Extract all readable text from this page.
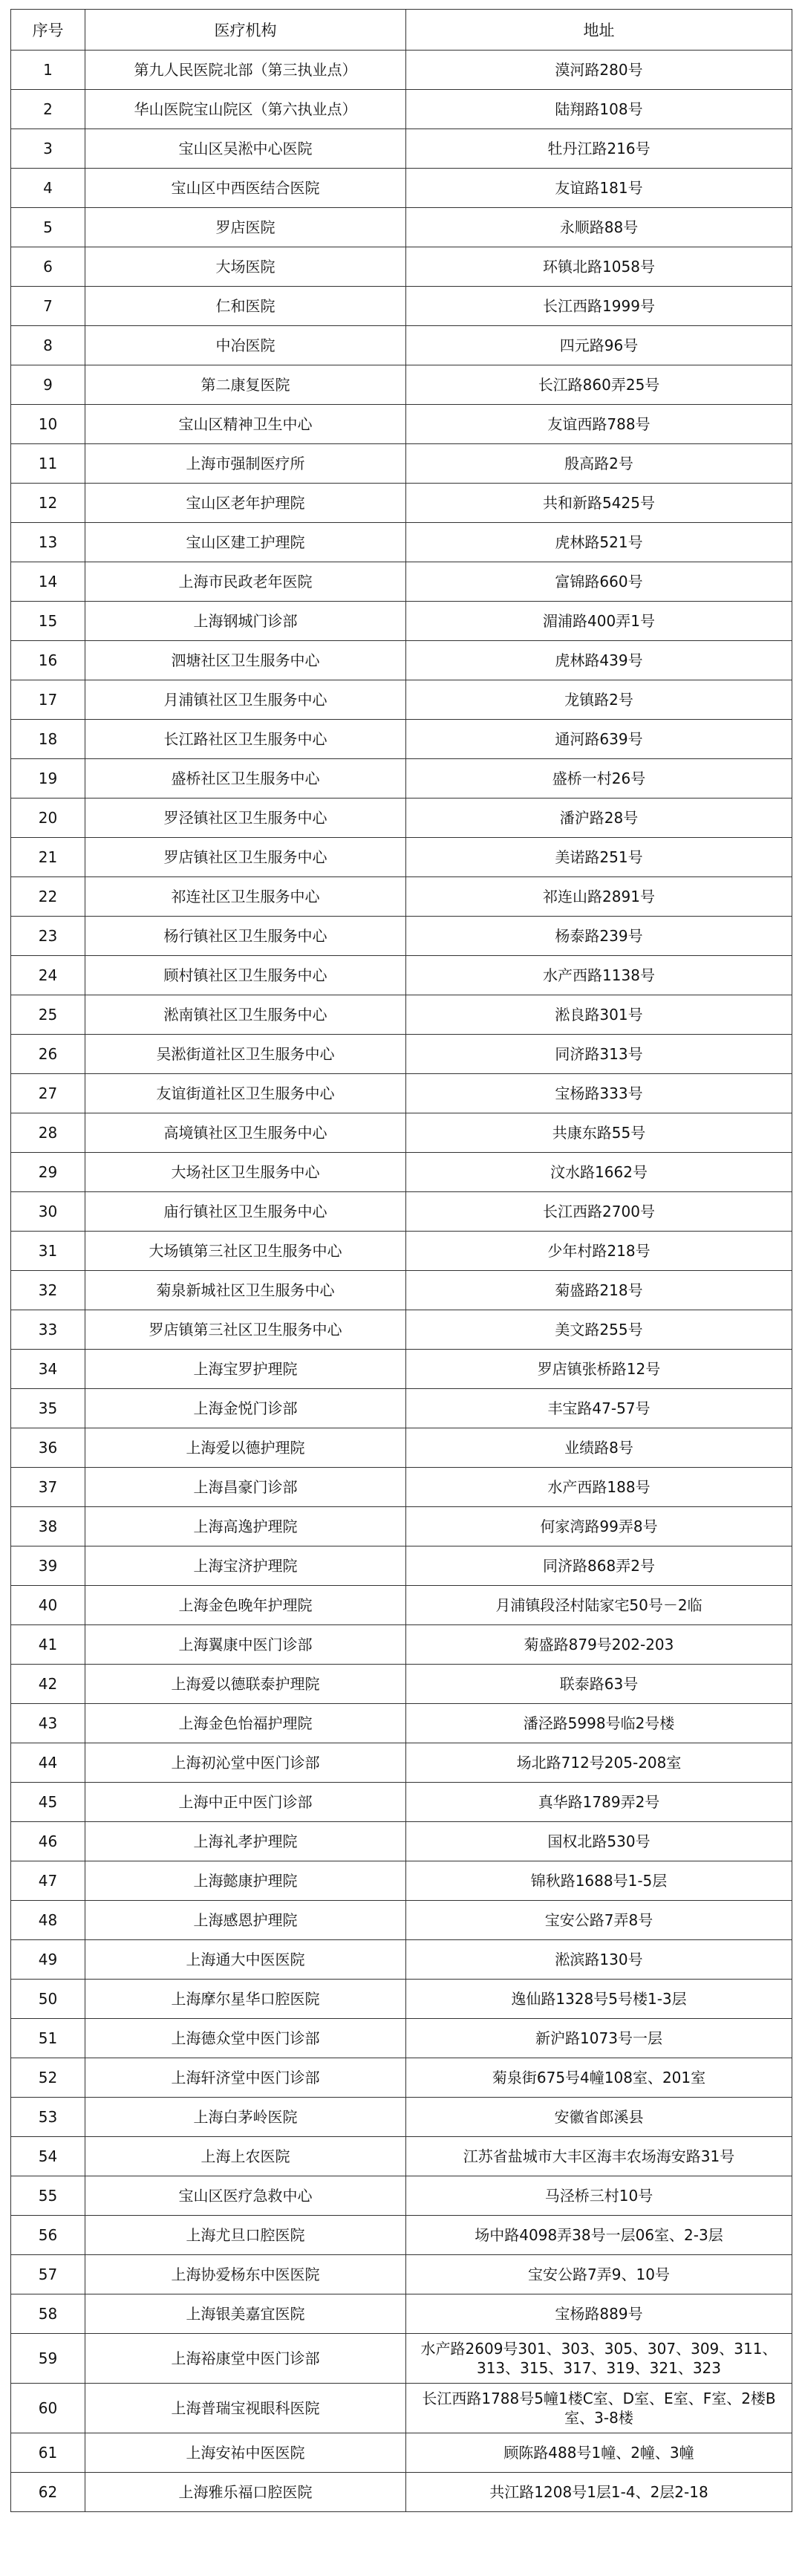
序号	医疗机构	地址
1	第九人民医院北部（第三执业点）	漠河路280号
2	华山医院宝山院区（第六执业点）	陆翔路108号
3	宝山区吴淞中心医院	牡丹江路216号
4	宝山区中西医结合医院	友谊路181号
5	罗店医院	永顺路88号
6	大场医院	环镇北路1058号
7	仁和医院	长江西路1999号
8	中冶医院	四元路96号
9	第二康复医院	长江路860弄25号
10	宝山区精神卫生中心	友谊西路788号
11	上海市强制医疗所	殷高路2号
12	宝山区老年护理院	共和新路5425号
13	宝山区建工护理院	虎林路521号
14	上海市民政老年医院	富锦路660号
15	上海钢城门诊部	湄浦路400弄1号
16	泗塘社区卫生服务中心	虎林路439号
17	月浦镇社区卫生服务中心	龙镇路2号
18	长江路社区卫生服务中心	通河路639号
19	盛桥社区卫生服务中心	盛桥一村26号
20	罗泾镇社区卫生服务中心	潘沪路28号
21	罗店镇社区卫生服务中心	美诺路251号
22	祁连社区卫生服务中心	祁连山路2891号
23	杨行镇社区卫生服务中心	杨泰路239号
24	顾村镇社区卫生服务中心	水产西路1138号
25	淞南镇社区卫生服务中心	淞良路301号
26	吴淞街道社区卫生服务中心	同济路313号
27	友谊街道社区卫生服务中心	宝杨路333号
28	高境镇社区卫生服务中心	共康东路55号
29	大场社区卫生服务中心	汶水路1662号
30	庙行镇社区卫生服务中心	长江西路2700号
31	大场镇第三社区卫生服务中心	少年村路218号
32	菊泉新城社区卫生服务中心	菊盛路218号
33	罗店镇第三社区卫生服务中心	美文路255号
34	上海宝罗护理院	罗店镇张桥路12号
35	上海金悦门诊部	丰宝路47-57号
36	上海爱以德护理院	业绩路8号
37	上海昌豪门诊部	水产西路188号
38	上海高逸护理院	何家湾路99弄8号
39	上海宝济护理院	同济路868弄2号
40	上海金色晚年护理院	月浦镇段泾村陆家宅50号－2临
41	上海翼康中医门诊部	菊盛路879号202-203
42	上海爱以德联泰护理院	联泰路63号
43	上海金色怡福护理院	潘泾路5998号临2号楼
44	上海初沁堂中医门诊部	场北路712号205-208室
45	上海中正中医门诊部	真华路1789弄2号
46	上海礼孝护理院	国权北路530号
47	上海懿康护理院	锦秋路1688号1-5层
48	上海感恩护理院	宝安公路7弄8号
49	上海通大中医医院	淞滨路130号
50	上海摩尔星华口腔医院	逸仙路1328号5号楼1-3层
51	上海德众堂中医门诊部	新沪路1073号一层
52	上海轩济堂中医门诊部	菊泉街675号4幢108室、201室
53	上海白茅岭医院	安徽省郎溪县
54	上海上农医院	江苏省盐城市大丰区海丰农场海安路31号
55	宝山区医疗急救中心	马泾桥三村10号
56	上海尤旦口腔医院	场中路4098弄38号一层06室、2-3层
57	上海协爱杨东中医医院	宝安公路7弄9、10号
58	上海银美嘉宜医院	宝杨路889号
59	上海裕康堂中医门诊部	水产路2609号301、303、305、307、309、311、313、315、317、319、321、323
60	上海普瑞宝视眼科医院	长江西路1788号5幢1楼C室、D室、E室、F室、2楼B室、3-8楼
61	上海安祐中医医院	顾陈路488号1幢、2幢、3幢
62	上海雅乐福口腔医院	共江路1208号1层1-4、2层2-18
